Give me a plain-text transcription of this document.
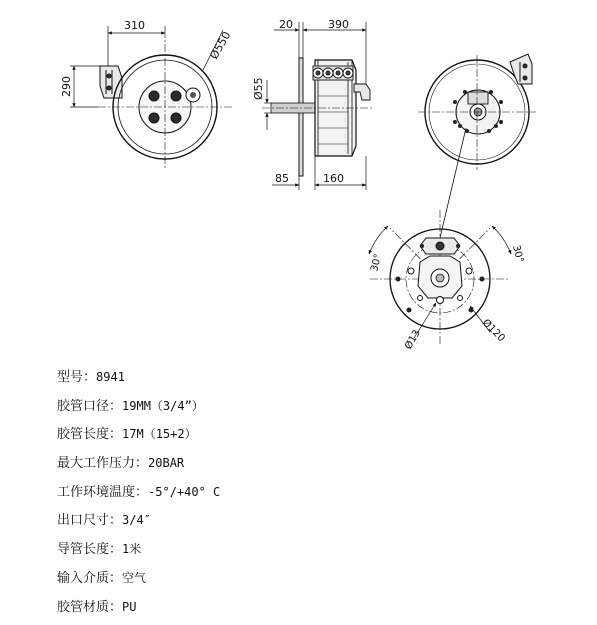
310
Ø550
290
20	390
Ø55
85	160
30°	30°
Ø13	Ø120
型号：8941
胶管口径：19MM（3/4”）
胶管长度：17M（15+2）
最大工作压力：20BAR
工作环境温度：-5°/+40° C
出口尺寸：3/4″
导管长度：1米
输入介质：空气
胶管材质：PU
